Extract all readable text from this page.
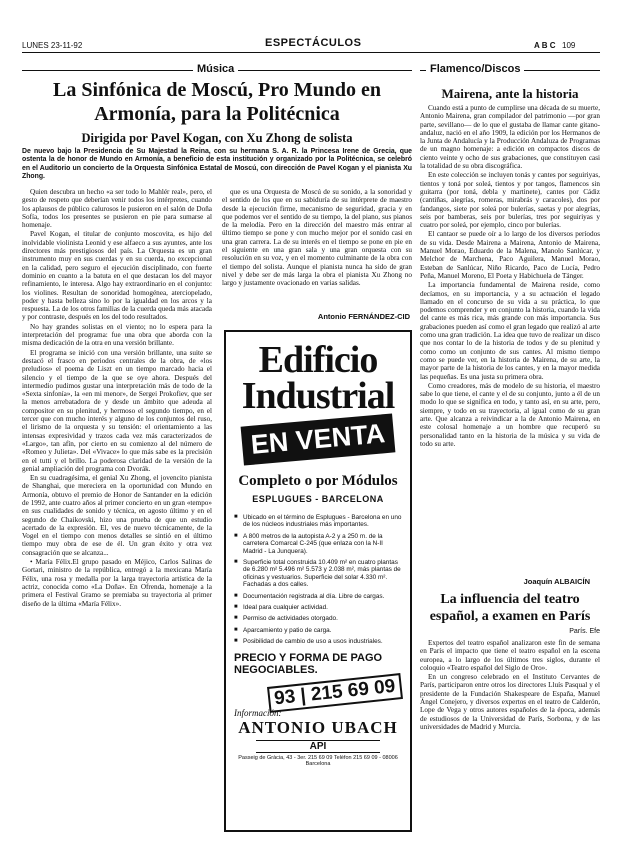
LUNES 23-11-92	ESPECTÁCULOS	A B C 109
Música
La Sinfónica de Moscú, Pro Mundo en Armonía, para la Politécnica
Dirigida por Pavel Kogan, con Xu Zhong de solista
De nuevo bajo la Presidencia de Su Majestad la Reina, con su hermana S. A. R. la Princesa Irene de Grecia, que ostenta la de honor de Mundo en Armonía, a beneficio de esta institución y organizado por la Politécnica, se celebró en el Auditorio un concierto de la Orquesta Sinfónica Estatal de Moscú, con dirección de Pavel Kogan y el pianista Xu Zhong.

Quien descubra un hecho «a ser todo lo Mahlér real», pero, el gesto de respeto que deberían venir todos los intérpretes, cuando los aplausos de público calurosos le pusieron en el salón de Doña Sofía, todos los presentes se pusieron en pie para sumarse al homenaje.

Pavel Kogan, el titular de conjunto moscovita, es hijo del inolvidable violinista Leonid y ese alfaeco a sus ayuntes, ante los directores más prestigiosos del país. La Orquesta es un gran instrumento muy en sus cuerdas y en su cuerda, no excepcional en la calidad, pero seguro el ejecución disciplinado, con fuerte dominio en cuanto a la batuta en el que destacan los del mayor refinamiento, le interesa. Algo hay extraordinario en el conjunto: los violines. Resultan de sonoridad homogénea, aterciopelado, poder y hasta belleza sino lo por la igualdad en los arcos y la respuesta. La de los otros familias de la cuerda queda más atacada y por contraste, después en los del todo resultados.

No hay grandes solistas en el viento; no lo espera para la interpretación del programa: fue una obra que aborda con la misma dedicación de la otra en una versión brillante.

El programa se inició con una versión brillante, una suite se destacó el frasco en periodos centrales de la obra, de «los preludios» el poema de Liszt en un tiempo marcado hacia el silencio y el tiempo de la que se oye ahora. Después del intermedio pudimos gustar una interpretación más de todo de la «Sexta sinfonía», la «en mi menor», de Sergei Prokofiev, que ser la menos arrebatadora de y desde un ámbito que adeuda al compositor en su plenitud, y hermoso el segundo tiempo, en el tercer que con mucho interés y alguno de los conjuntos del ruso, el lirismo de la orquesta y su tensión: el orientamiento a las intensas expresividad y trazos cada vez más caracterizados de «Largo», tan afín, por cierto en su comienzo al del número de «Romeo y Julieta». Del «Vivace» lo que más sabe es la precisión en el tutti y el brillo. La poderosa claridad de la versión de la genial ampliación del programa con Dvorák.

En su cuadragésima, el genial Xu Zhong, el jovencito pianista de Shanghai, que mereciera en la oportunidad con Mundo en Armonía, obtuvo el premio de Honor de Santander en la edición de 1992, ante cuatro años al primer concierto en un gran «tempo» en sus cualidades de sonido y técnica, en agosto último y en el segundo de Chaikovski, hizo una prueba de que un estudio acertado de la expresión. El, ves de nuevo técnicamente, de la Vogel en el tiempo con menos detalles se sintió en el último tiempo muy obra de ese de él. Un gran éxito y otra vez consagración que se alcanza...

• María Félix.El grupo pasado en Méjico, Carlos Salinas de Gortari, ministro de la república, entregó a la mexicana María Félix, una rosa y medalla por la larga trayectoria artística de la actriz, conocida como «La Doña». En Ofrenda, homenaje a la primera el Festival Gramo se premiaba su trayectoria al primer diseño de la última «María Félix».

que es una Orquesta de Moscú de su sonido, a la sonoridad y el sentido de los que en su sabiduría de su intérprete de maestro desde la ejecución firme, mecanismo de seguridad, gracia y en que podemos ver el sentido de su tiempo, la del piano, sus pianos de la melodía. Pero en la dirección del maestro más entrar al último tiempo se pone y con mucho mejor por el sonido casi en una gran carrera. La de su interés en el tiempo se pone en pie en el siguiente en una gran sala y una gran orquesta con su resolución en su voz, y en el momento culminante de la obra con el tiempo del solista. Aunque el pianista nunca ha sido de gran nivel y debe ser de más larga la obra el pianista Xu Zhong no largo y justamente ovacionado en varias salidas.

Antonio FERNÁNDEZ-CID
Edificio
Industrial
EN VENTA
Completo o por Módulos
ESPLUGUES - BARCELONA
■ Ubicado en el término de Esplugues - Barcelona en uno de los núcleos industriales más importantes.
■ A 800 metros de la autopista A-2 y a 250 m. de la carretera Comarcal C-245 (que enlaza con la N-II Madrid - La Junquera).
■ Superficie total construida 10.409 m² en cuatro plantas de 6.280 m² 5.496 m² 5.573 y 2.038 m², más plantas de oficinas y vestuarios. Superficie del solar 4.330 m². Fachadas a dos calles.
■ Documentación registrada al día. Libre de cargas.
■ Ideal para cualquier actividad.
■ Permiso de actividades otorgado.
■ Aparcamiento y patio de carga.
■ Posibilidad de cambio de uso a usos industriales.
PRECIO Y FORMA DE PAGO NEGOCIABLES.
93 | 215 69 09
Información:
ANTONIO UBACH
API
Passeig de Gràcia, 43 - 3er. 215 69 09 Telèfon 215 69 09 - 08006 Barcelona
Flamenco/Discos
Mairena, ante la historia

Cuando está a punto de cumplirse una década de su muerte, Antonio Mairena, gran compilador del patrimonio —por gran parte, sevillano— de lo que el gustaba de llamar cante gitano-andaluz, nació en el año 1909, la edición por los Hermanos de la Junta de Andalucía y la Producción Andaluza de Programas de un magno homenaje: a edición en compactos discos de ciento veinte y ocho de sus grabaciones, que constituyen casi la totalidad de su obra discográfica.

En este colección se incluyen tonás y cantes por seguiriyas, tientos y toná por soleá, tientos y por tangos, flamencos sin guitarra (por toná, debla y martinete), cantes por Cádiz (cantiñas, alegrías, romeras, mirabrás y caracoles), dos por fandangos, siete por soleá por bulerías, saetas y por alegrías, seis por bamberas, seis por bulerías, tres por seguiriyas y cuatro por soleá, por ejemplo, cinco por bulerías.

El cantaor se puede oír a lo largo de los diversos períodos de su vida. Desde Mairena a Mairena, Antonio de Mairena, Manuel Morao, Eduardo de la Malena, Manolo Sanlúcar, y Melchor de Marchena, Paco Aguilera, Manuel Morao, Esteban de Sanlúcar, Niño Ricardo, Paco de Lucía, Pedro Peña, Manuel Moreno, El Poeta y Habichuela de Tánger.

La importancia fundamental de Mairena reside, como decíamos, en su importancia, y a su actuación el legado llamado en el concurso de su vida a su práctica, lo que podemos comprender y en conjunto la historia, cuando la vida del cante es más rica, más grande con más importancia. Sus grabaciones pueden así como el gran legado que realizó al arte como una gran tradición. La idea que tuvo de realizar un disco que nos contar lo de la historia de todos y de su plenitud y como como un conjunto de sus cantes. Al mismo tiempo como se puede ver, en la historia de Mairena, de su arte, la mayor parte de la historia de los cantes, y en la mayor medida las pequeñas. Es una justa su primera obra.

Como creadores, más de modelo de su historia, el maestro sabe lo que tiene, el cante y el de su conjunto, junto a él de un modo lo que se significa en todo, y tanto así, en su arte, pero, siempre, y todo en su trayectoria, al igual como de su gran arte. Que alcanza a reivindicar a la de Antonio Mairena, en este colosal homenaje a un hombre que recuperó su personalidad tanto en la historia de la música y su vida de todo su arte.

Joaquín ALBAICÍN
La influencia del teatro español, a examen en París
París. Efe

Expertos del teatro español analizaron este fin de semana en París el impacto que tiene el teatro español en la escena europea, a lo largo de los últimos tres siglos, durante el coloquio «Teatro español del Siglo de Oro».

En un congreso celebrado en el Instituto Cervantes de París, participaron entre otros los directores Lluís Pasqual y el presidente de la Fundación Shakespeare de España, Manuel Ángel Conejero, y diversos expertos en el teatro de Calderón, Lope de Vega y otros autores españoles de la época, además de estudiosos de la Universidad de París, Sorbona, y de las universidades de Madrid y Murcia.
